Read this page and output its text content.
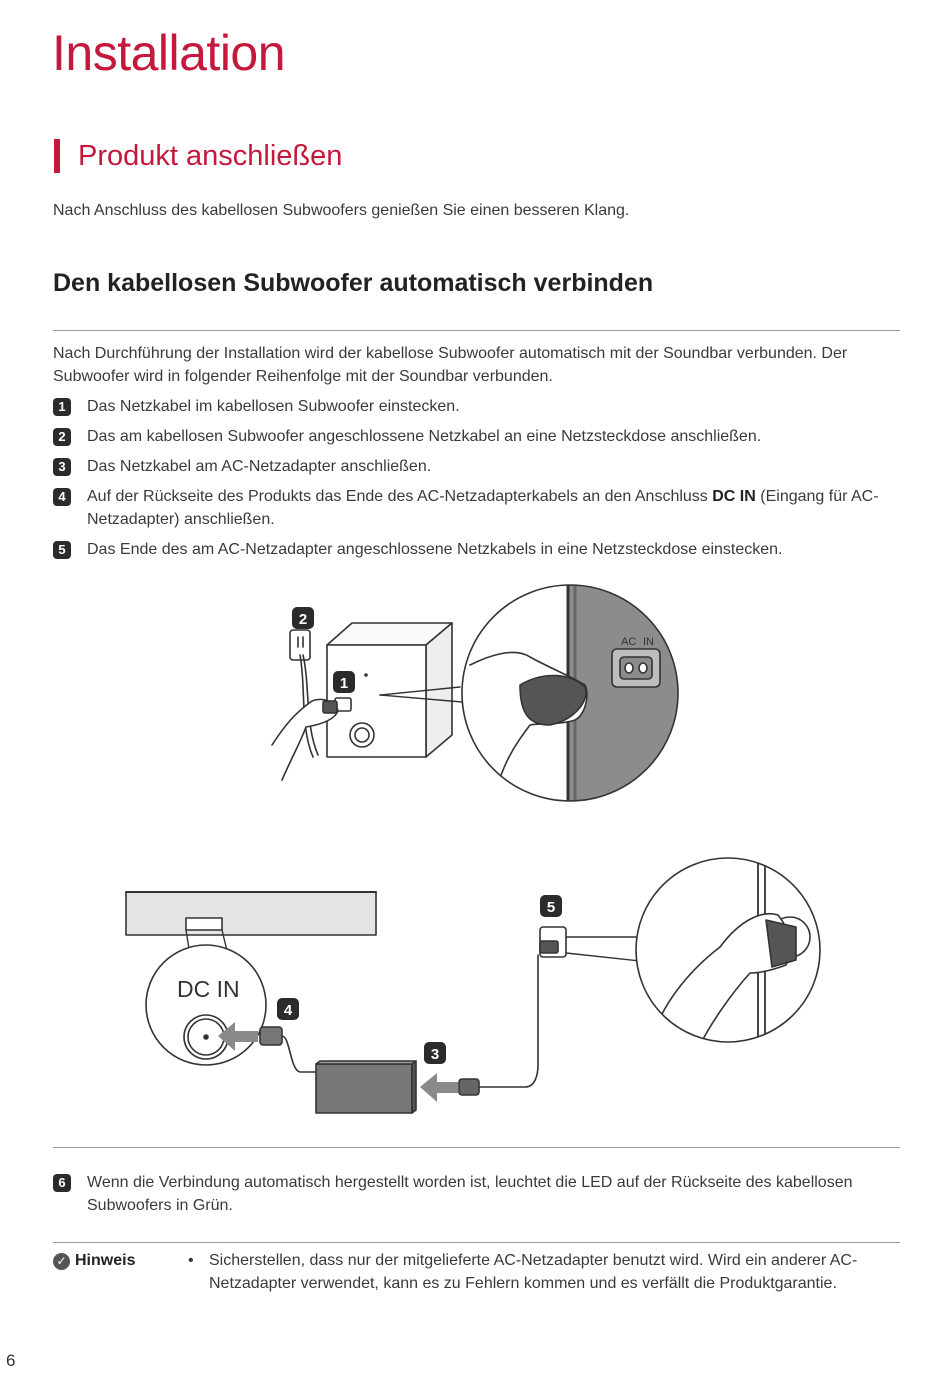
Installation
Produkt anschließen

Nach Anschluss des kabellosen Subwoofers genießen Sie einen besseren Klang.

Den kabellosen Subwoofer automatisch verbinden

Nach Durchführung der Installation wird der kabellose Subwoofer automatisch mit der Soundbar verbunden. Der Subwoofer wird in folgender Reihenfolge mit der Soundbar verbunden.

1	Das Netzkabel im kabellosen Subwoofer einstecken.
2	Das am kabellosen Subwoofer angeschlossene Netzkabel an eine Netzsteckdose anschließen.
3	Das Netzkabel am AC-Netzadapter anschließen.
4	Auf der Rückseite des Produkts das Ende des AC-Netzadapterkabels an den Anschluss DC IN (Eingang für AC-Netzadapter) anschließen.
5	Das Ende des am AC-Netzadapter angeschlossene Netzkabels in eine Netzsteckdose einstecken.
2
1
5
4
3
AC IN
DC IN
6	Wenn die Verbindung automatisch hergestellt worden ist, leuchtet die LED auf der Rückseite des kabellosen Subwoofers in Grün.
✓ Hinweis	• Sicherstellen, dass nur der mitgelieferte AC-Netzadapter benutzt wird. Wird ein anderer AC-Netzadapter verwendet, kann es zu Fehlern kommen und es verfällt die Produktgarantie.
6
